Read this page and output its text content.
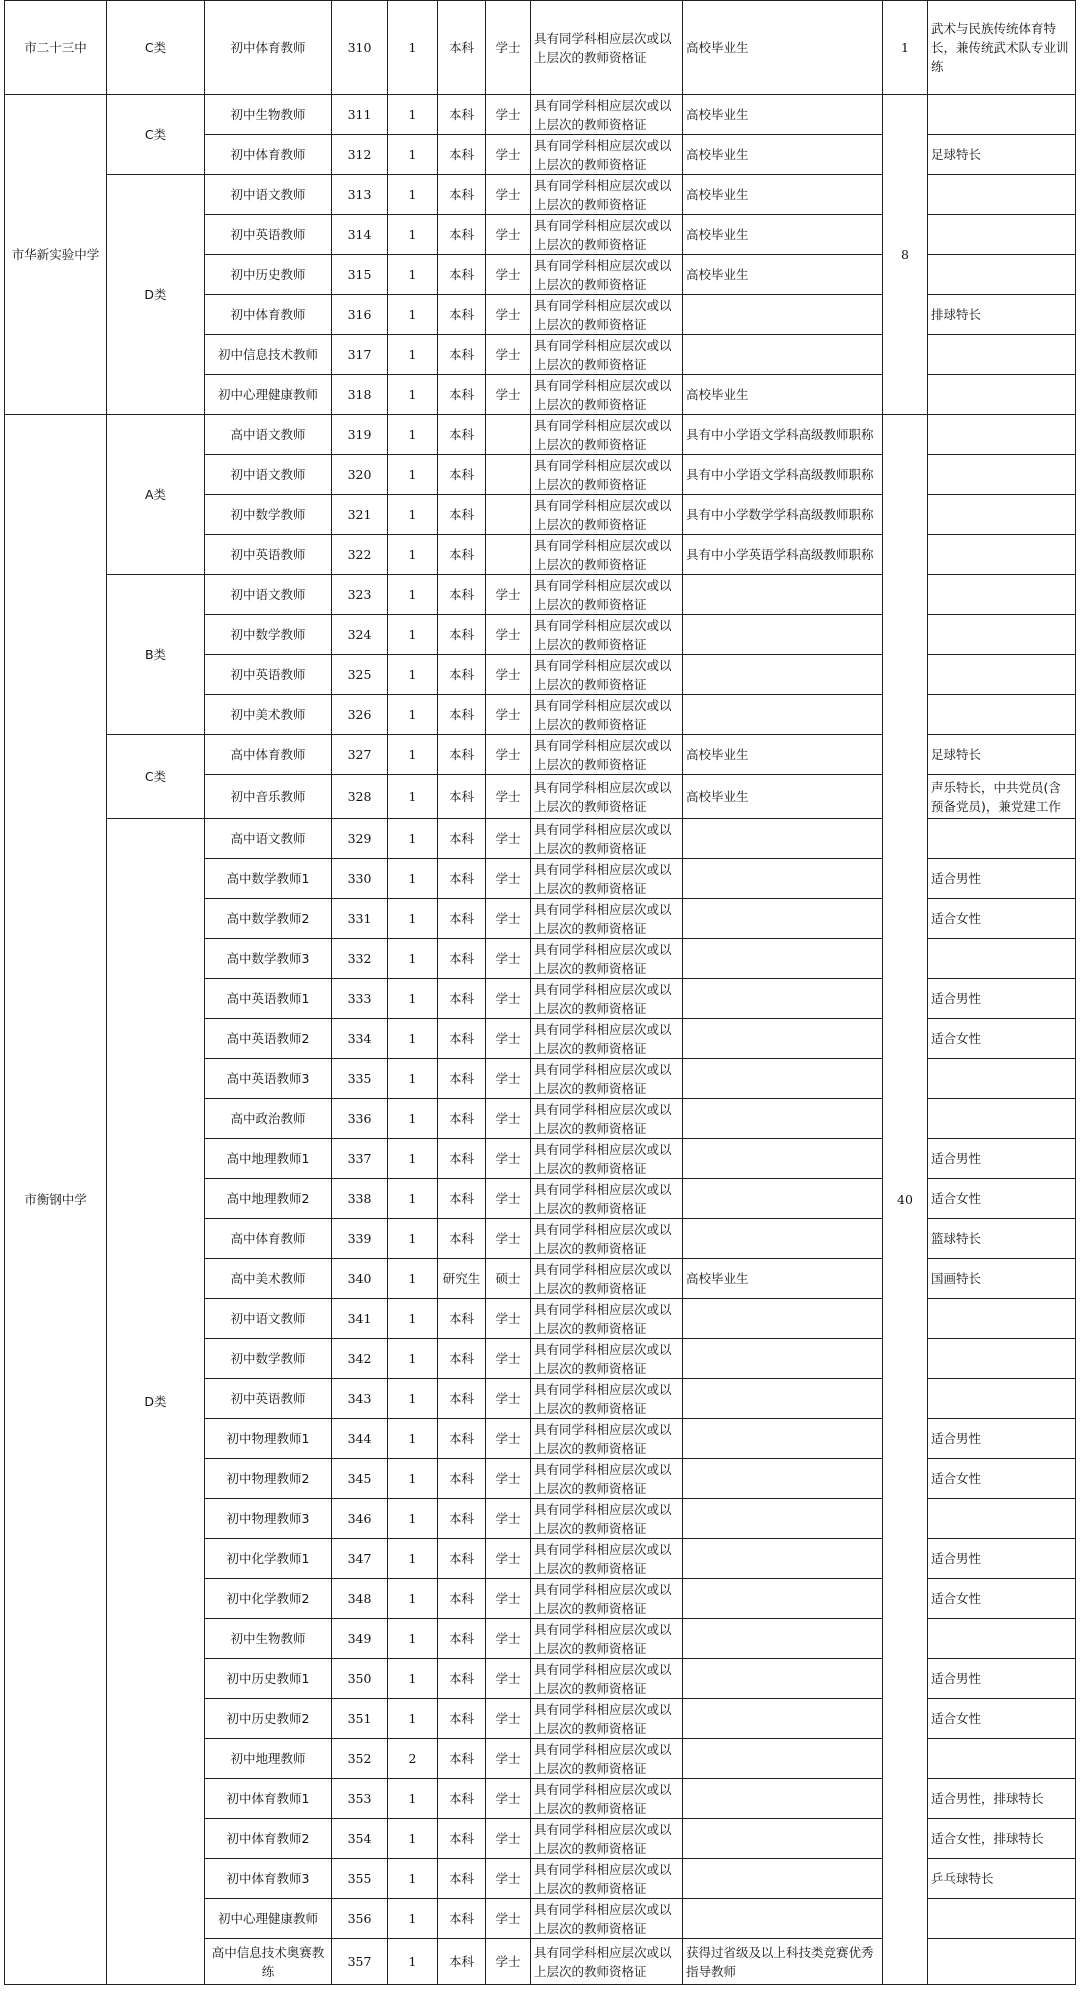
市二十三中	C类	初中体育教师	310	1	本科	学士	具有同学科相应层次或以上层次的教师资格证	高校毕业生	1	武术与民族传统体育特长，兼传统武术队专业训练
市华新实验中学	C类	初中生物教师	311	1	本科	学士	具有同学科相应层次或以上层次的教师资格证	高校毕业生	8	
		初中体育教师	312	1	本科	学士	具有同学科相应层次或以上层次的教师资格证	高校毕业生		足球特长
	D类	初中语文教师	313	1	本科	学士	具有同学科相应层次或以上层次的教师资格证	高校毕业生		
		初中英语教师	314	1	本科	学士	具有同学科相应层次或以上层次的教师资格证	高校毕业生		
		初中历史教师	315	1	本科	学士	具有同学科相应层次或以上层次的教师资格证	高校毕业生		
		初中体育教师	316	1	本科	学士	具有同学科相应层次或以上层次的教师资格证			排球特长
		初中信息技术教师	317	1	本科	学士	具有同学科相应层次或以上层次的教师资格证			
		初中心理健康教师	318	1	本科	学士	具有同学科相应层次或以上层次的教师资格证	高校毕业生		
市衡钢中学	A类	高中语文教师	319	1	本科		具有同学科相应层次或以上层次的教师资格证	具有中小学语文学科高级教师职称	40	
		初中语文教师	320	1	本科		具有同学科相应层次或以上层次的教师资格证	具有中小学语文学科高级教师职称		
		初中数学教师	321	1	本科		具有同学科相应层次或以上层次的教师资格证	具有中小学数学学科高级教师职称		
		初中英语教师	322	1	本科		具有同学科相应层次或以上层次的教师资格证	具有中小学英语学科高级教师职称		
	B类	初中语文教师	323	1	本科	学士	具有同学科相应层次或以上层次的教师资格证			
		初中数学教师	324	1	本科	学士	具有同学科相应层次或以上层次的教师资格证			
		初中英语教师	325	1	本科	学士	具有同学科相应层次或以上层次的教师资格证			
		初中美术教师	326	1	本科	学士	具有同学科相应层次或以上层次的教师资格证			
	C类	高中体育教师	327	1	本科	学士	具有同学科相应层次或以上层次的教师资格证	高校毕业生		足球特长
		初中音乐教师	328	1	本科	学士	具有同学科相应层次或以上层次的教师资格证	高校毕业生		声乐特长，中共党员(含预备党员)，兼党建工作
	D类	高中语文教师	329	1	本科	学士	具有同学科相应层次或以上层次的教师资格证			
		高中数学教师1	330	1	本科	学士	具有同学科相应层次或以上层次的教师资格证			适合男性
		高中数学教师2	331	1	本科	学士	具有同学科相应层次或以上层次的教师资格证			适合女性
		高中数学教师3	332	1	本科	学士	具有同学科相应层次或以上层次的教师资格证			
		高中英语教师1	333	1	本科	学士	具有同学科相应层次或以上层次的教师资格证			适合男性
		高中英语教师2	334	1	本科	学士	具有同学科相应层次或以上层次的教师资格证			适合女性
		高中英语教师3	335	1	本科	学士	具有同学科相应层次或以上层次的教师资格证			
		高中政治教师	336	1	本科	学士	具有同学科相应层次或以上层次的教师资格证			
		高中地理教师1	337	1	本科	学士	具有同学科相应层次或以上层次的教师资格证			适合男性
		高中地理教师2	338	1	本科	学士	具有同学科相应层次或以上层次的教师资格证			适合女性
		高中体育教师	339	1	本科	学士	具有同学科相应层次或以上层次的教师资格证			篮球特长
		高中美术教师	340	1	研究生	硕士	具有同学科相应层次或以上层次的教师资格证	高校毕业生		国画特长
		初中语文教师	341	1	本科	学士	具有同学科相应层次或以上层次的教师资格证			
		初中数学教师	342	1	本科	学士	具有同学科相应层次或以上层次的教师资格证			
		初中英语教师	343	1	本科	学士	具有同学科相应层次或以上层次的教师资格证			
		初中物理教师1	344	1	本科	学士	具有同学科相应层次或以上层次的教师资格证			适合男性
		初中物理教师2	345	1	本科	学士	具有同学科相应层次或以上层次的教师资格证			适合女性
		初中物理教师3	346	1	本科	学士	具有同学科相应层次或以上层次的教师资格证			
		初中化学教师1	347	1	本科	学士	具有同学科相应层次或以上层次的教师资格证			适合男性
		初中化学教师2	348	1	本科	学士	具有同学科相应层次或以上层次的教师资格证			适合女性
		初中生物教师	349	1	本科	学士	具有同学科相应层次或以上层次的教师资格证			
		初中历史教师1	350	1	本科	学士	具有同学科相应层次或以上层次的教师资格证			适合男性
		初中历史教师2	351	1	本科	学士	具有同学科相应层次或以上层次的教师资格证			适合女性
		初中地理教师	352	2	本科	学士	具有同学科相应层次或以上层次的教师资格证			
		初中体育教师1	353	1	本科	学士	具有同学科相应层次或以上层次的教师资格证			适合男性，排球特长
		初中体育教师2	354	1	本科	学士	具有同学科相应层次或以上层次的教师资格证			适合女性，排球特长
		初中体育教师3	355	1	本科	学士	具有同学科相应层次或以上层次的教师资格证			乒乓球特长
		初中心理健康教师	356	1	本科	学士	具有同学科相应层次或以上层次的教师资格证			
		高中信息技术奥赛教练	357	1	本科	学士	具有同学科相应层次或以上层次的教师资格证	获得过省级及以上科技类竞赛优秀指导教师		
